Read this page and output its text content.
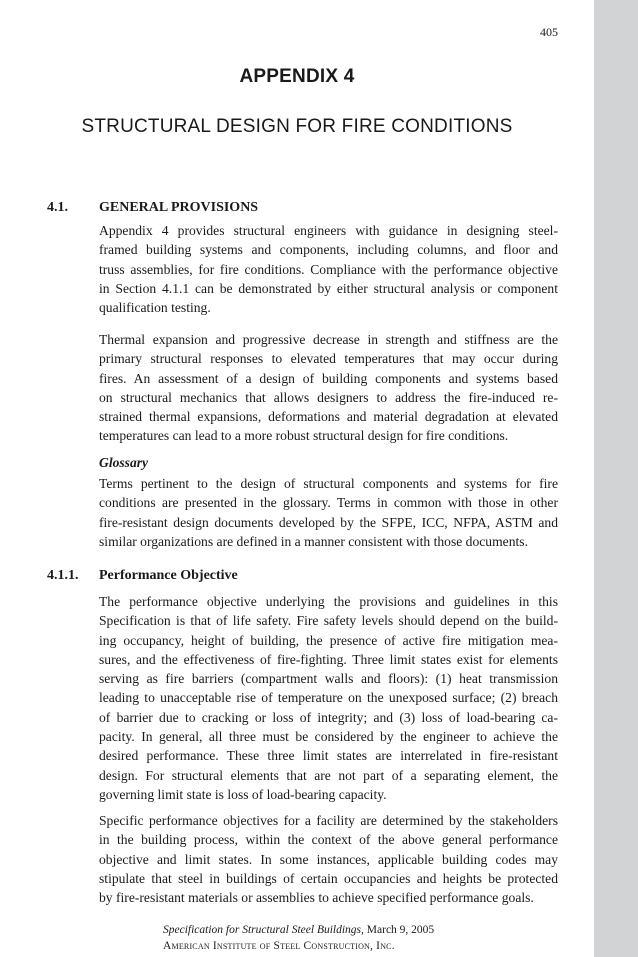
405
APPENDIX 4
STRUCTURAL DESIGN FOR FIRE CONDITIONS
4.1. GENERAL PROVISIONS
Appendix 4 provides structural engineers with guidance in designing steel-
framed building systems and components, including columns, and floor and
truss assemblies, for fire conditions. Compliance with the performance objective
in Section 4.1.1 can be demonstrated by either structural analysis or component
qualification testing.
Thermal expansion and progressive decrease in strength and stiffness are the
primary structural responses to elevated temperatures that may occur during
fires. An assessment of a design of building components and systems based
on structural mechanics that allows designers to address the fire-induced re-
strained thermal expansions, deformations and material degradation at elevated
temperatures can lead to a more robust structural design for fire conditions.
Glossary
Terms pertinent to the design of structural components and systems for fire
conditions are presented in the glossary. Terms in common with those in other
fire-resistant design documents developed by the SFPE, ICC, NFPA, ASTM and
similar organizations are defined in a manner consistent with those documents.
4.1.1. Performance Objective
The performance objective underlying the provisions and guidelines in this
Specification is that of life safety. Fire safety levels should depend on the build-
ing occupancy, height of building, the presence of active fire mitigation mea-
sures, and the effectiveness of fire-fighting. Three limit states exist for elements
serving as fire barriers (compartment walls and floors): (1) heat transmission
leading to unacceptable rise of temperature on the unexposed surface; (2) breach
of barrier due to cracking or loss of integrity; and (3) loss of load-bearing ca-
pacity. In general, all three must be considered by the engineer to achieve the
desired performance. These three limit states are interrelated in fire-resistant
design. For structural elements that are not part of a separating element, the
governing limit state is loss of load-bearing capacity.
Specific performance objectives for a facility are determined by the stakeholders
in the building process, within the context of the above general performance
objective and limit states. In some instances, applicable building codes may
stipulate that steel in buildings of certain occupancies and heights be protected
by fire-resistant materials or assemblies to achieve specified performance goals.
Specification for Structural Steel Buildings, March 9, 2005
American Institute of Steel Construction, Inc.
